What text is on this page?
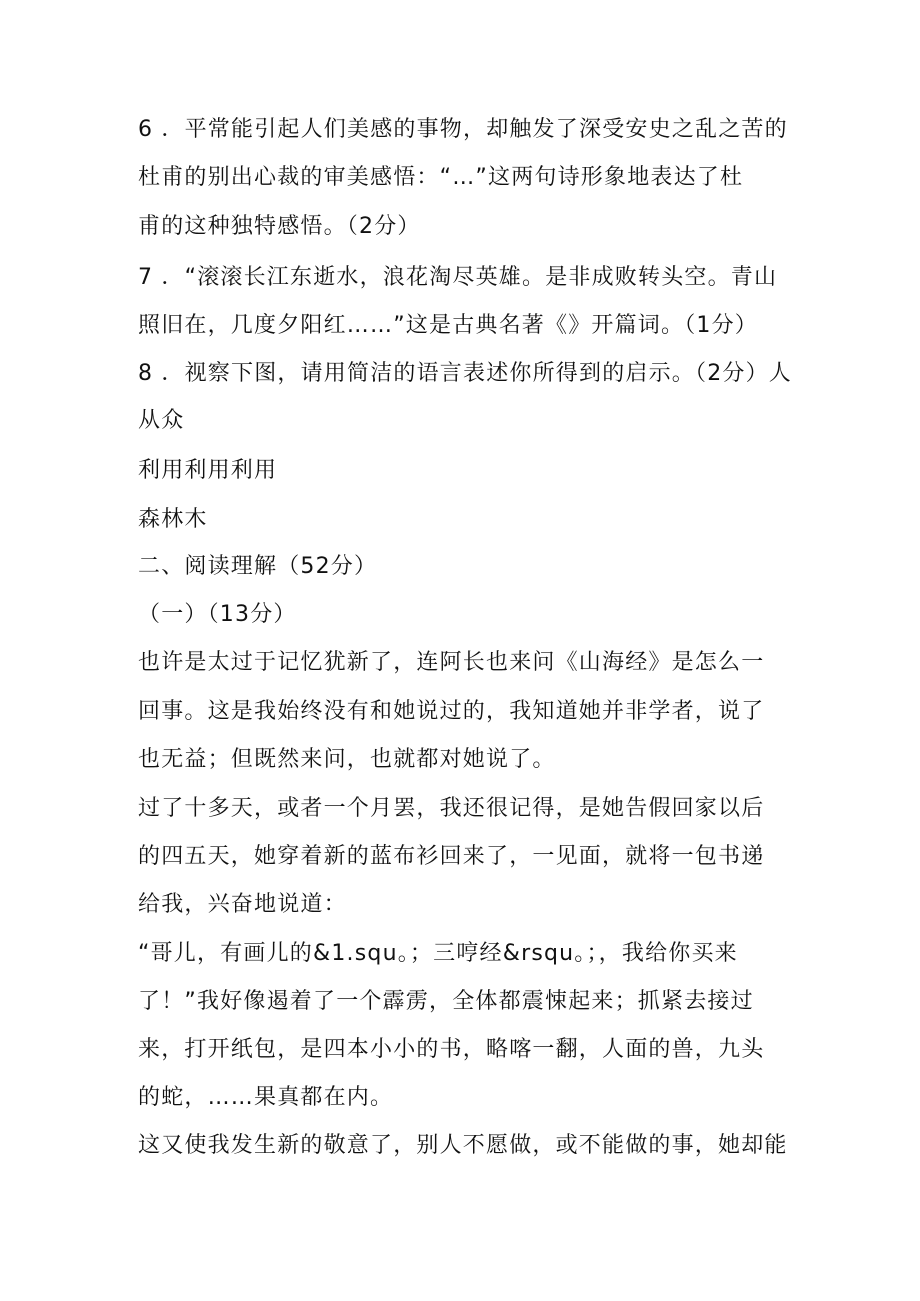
6 ．平常能引起人们美感的事物，却触发了深受安史之乱之苦的
杜甫的别出心裁的审美感悟：“…”这两句诗形象地表达了杜
甫的这种独特感悟。（2分）
7 ．“滚滚长江东逝水，浪花淘尽英雄。是非成败转头空。青山
照旧在，几度夕阳红……”这是古典名著《》开篇词。（1分）
8 ．视察下图，请用简洁的语言表述你所得到的启示。（2分）人
从众
利用利用利用
森林木
二、阅读理解（52分）
（一）（13分）
也许是太过于记忆犹新了，连阿长也来问《山海经》是怎么一
回事。这是我始终没有和她说过的，我知道她并非学者，说了
也无益；但既然来问，也就都对她说了。
过了十多天，或者一个月罢，我还很记得，是她告假回家以后
的四五天，她穿着新的蓝布衫回来了，一见面，就将一包书递
给我，兴奋地说道：
“哥儿，有画儿的&1.squ。；三哼经&rsqu。；，我给你买来
了！”我好像遏着了一个霹雳，全体都震悚起来；抓紧去接过
来，打开纸包，是四本小小的书，略喀一翻，人面的兽，九头
的蛇，……果真都在内。
这又使我发生新的敬意了，别人不愿做，或不能做的事，她却能
